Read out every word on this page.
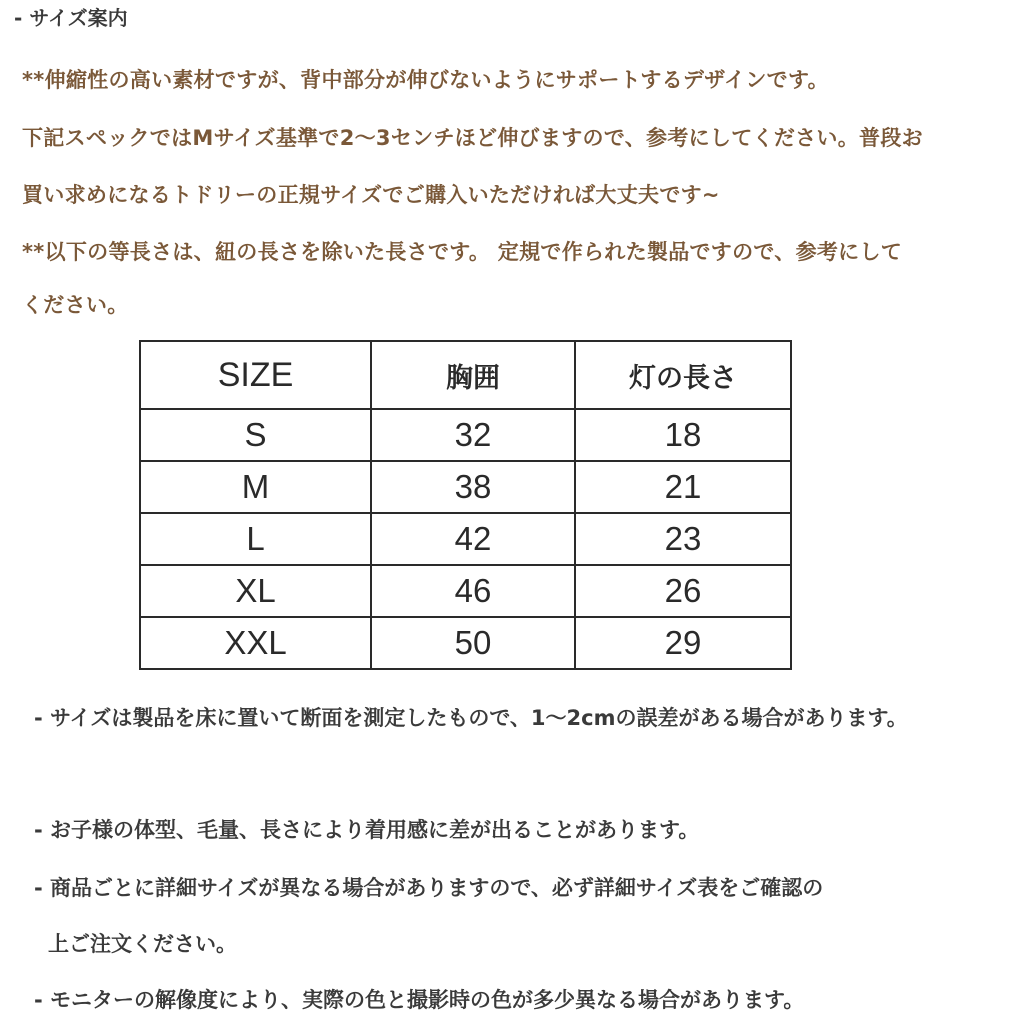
- サイズ案内
**伸縮性の高い素材ですが、背中部分が伸びないようにサポートするデザインです。
下記スペックではMサイズ基準で2～3センチほど伸びますので、参考にしてください。普段お
買い求めになるトドリーの正規サイズでご購入いただければ大丈夫です~
**以下の等長さは、紐の長さを除いた長さです。 定規で作られた製品ですので、参考にして
ください。
SIZE	胸囲	灯の長さ
S	32	18
M	38	21
L	42	23
XL	46	26
XXL	50	29
- サイズは製品を床に置いて断面を測定したもので、1～2cmの誤差がある場合があります。
- お子様の体型、毛量、長さにより着用感に差が出ることがあります。
- 商品ごとに詳細サイズが異なる場合がありますので、必ず詳細サイズ表をご確認の
上ご注文ください。
- モニターの解像度により、実際の色と撮影時の色が多少異なる場合があります。
